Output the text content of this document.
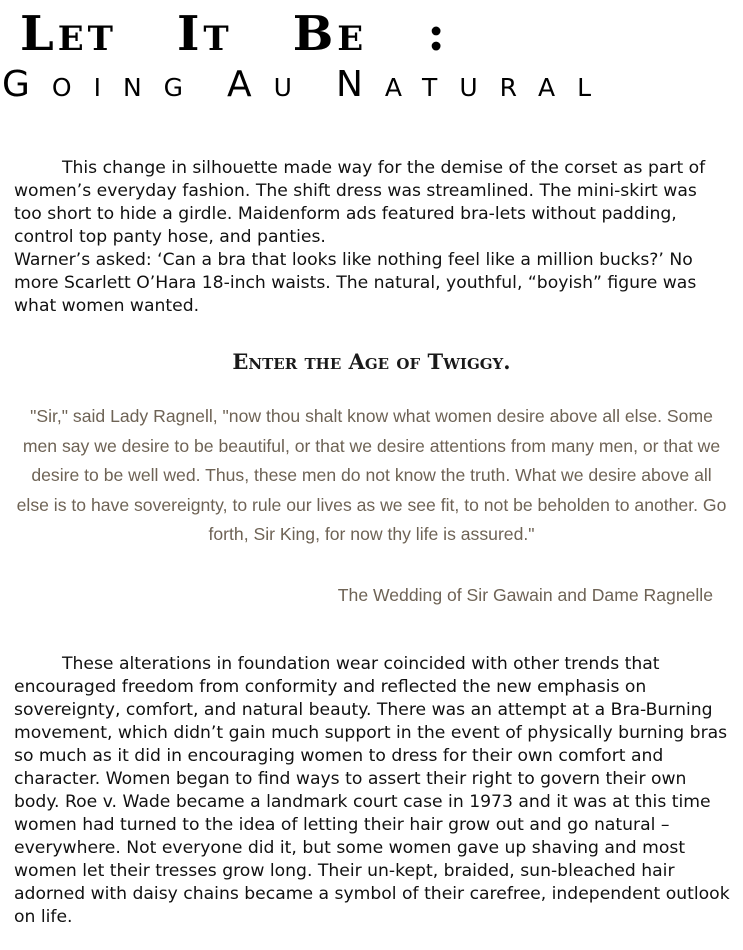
Let It Be :
Going Au Natural
This change in silhouette made way for the demise of the corset as part of women’s everyday fashion. The shift dress was streamlined. The mini-skirt was too short to hide a girdle. Maidenform ads featured bra-lets without padding, control top panty hose, and panties.
Warner’s asked: ‘Can a bra that looks like nothing feel like a million bucks?’ No more Scarlett O’Hara 18-inch waists. The natural, youthful, “boyish” figure was what women wanted.
Enter the Age of Twiggy.
"Sir," said Lady Ragnell, "now thou shalt know what women desire above all else. Some men say we desire to be beautiful, or that we desire attentions from many men, or that we desire to be well wed. Thus, these men do not know the truth. What we desire above all else is to have sovereignty, to rule our lives as we see fit, to not be beholden to another. Go forth, Sir King, for now thy life is assured."

The Wedding of Sir Gawain and Dame Ragnelle

These alterations in foundation wear coincided with other trends that encouraged freedom from conformity and reflected the new emphasis on sovereignty, comfort, and natural beauty. There was an attempt at a Bra-Burning movement, which didn’t gain much support in the event of physically burning bras so much as it did in encouraging women to dress for their own comfort and character. Women began to find ways to assert their right to govern their own body. Roe v. Wade became a landmark court case in 1973 and it was at this time women had turned to the idea of letting their hair grow out and go natural – everywhere. Not everyone did it, but some women gave up shaving and most women let their tresses grow long. Their un-kept, braided, sun-bleached hair adorned with daisy chains became a symbol of their carefree, independent outlook on life.
